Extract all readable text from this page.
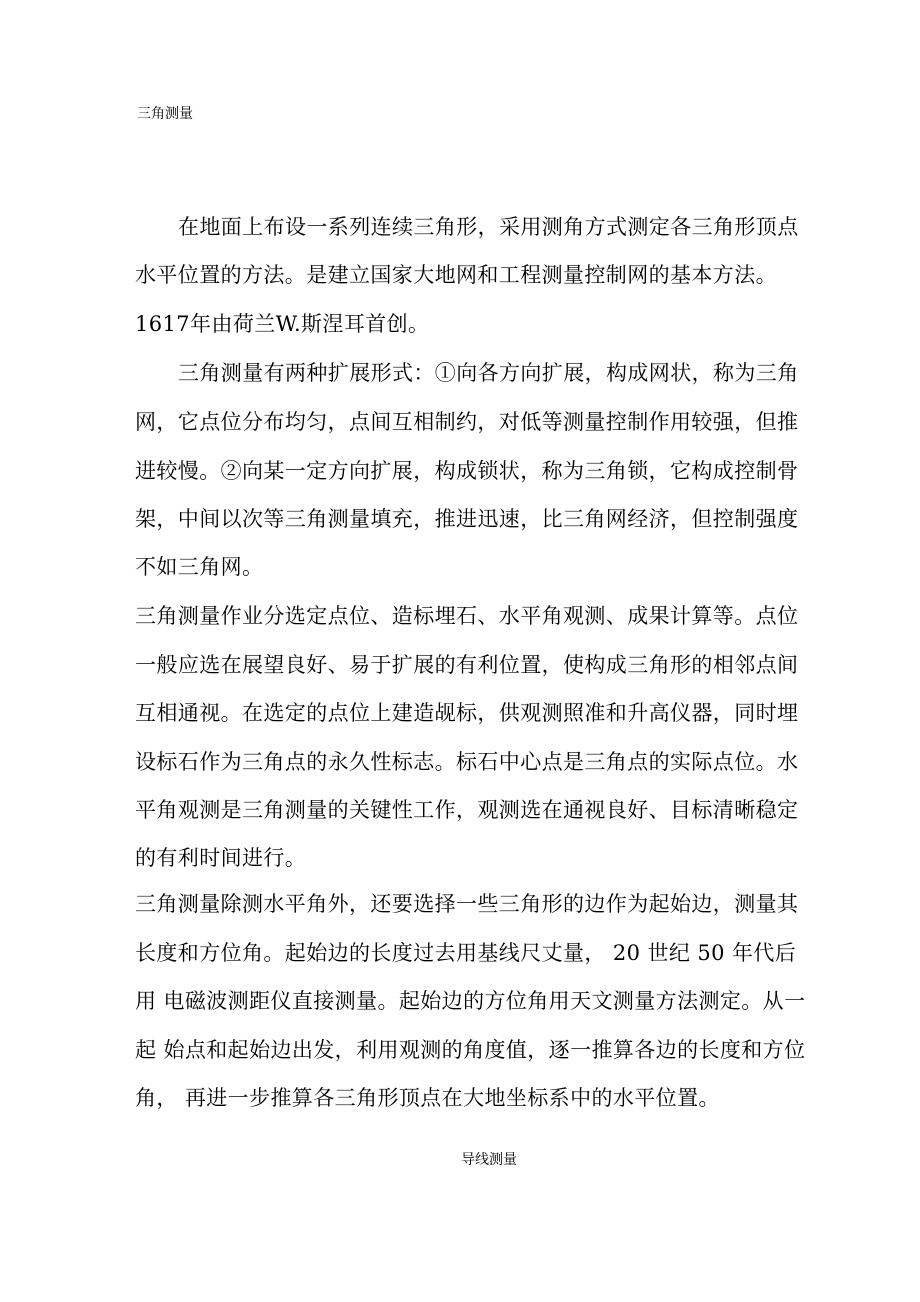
三角测量
在地面上布设一系列连续三角形，采用测角方式测定各三角形顶点
水平位置的方法。是建立国家大地网和工程测量控制网的基本方法。
1617年由荷兰W.斯涅耳首创。
三角测量有两种扩展形式：①向各方向扩展，构成网状，称为三角
网，它点位分布均匀，点间互相制约，对低等测量控制作用较强，但推
进较慢。②向某一定方向扩展，构成锁状，称为三角锁，它构成控制骨
架，中间以次等三角测量填充，推进迅速，比三角网经济，但控制强度
不如三角网。
三角测量作业分选定点位、造标埋石、水平角观测、成果计算等。点位
一般应选在展望良好、易于扩展的有利位置，使构成三角形的相邻点间
互相通视。在选定的点位上建造觇标，供观测照准和升高仪器，同时埋
设标石作为三角点的永久性标志。标石中心点是三角点的实际点位。水
平角观测是三角测量的关键性工作，观测选在通视良好、目标清晰稳定
的有利时间进行。
三角测量除测水平角外，还要选择一些三角形的边作为起始边，测量其
长度和方位角。起始边的长度过去用基线尺丈量， 20 世纪 50 年代后
用 电磁波测距仪直接测量。起始边的方位角用天文测量方法测定。从一
起 始点和起始边出发，利用观测的角度值，逐一推算各边的长度和方位
角， 再进一步推算各三角形顶点在大地坐标系中的水平位置。
导线测量
